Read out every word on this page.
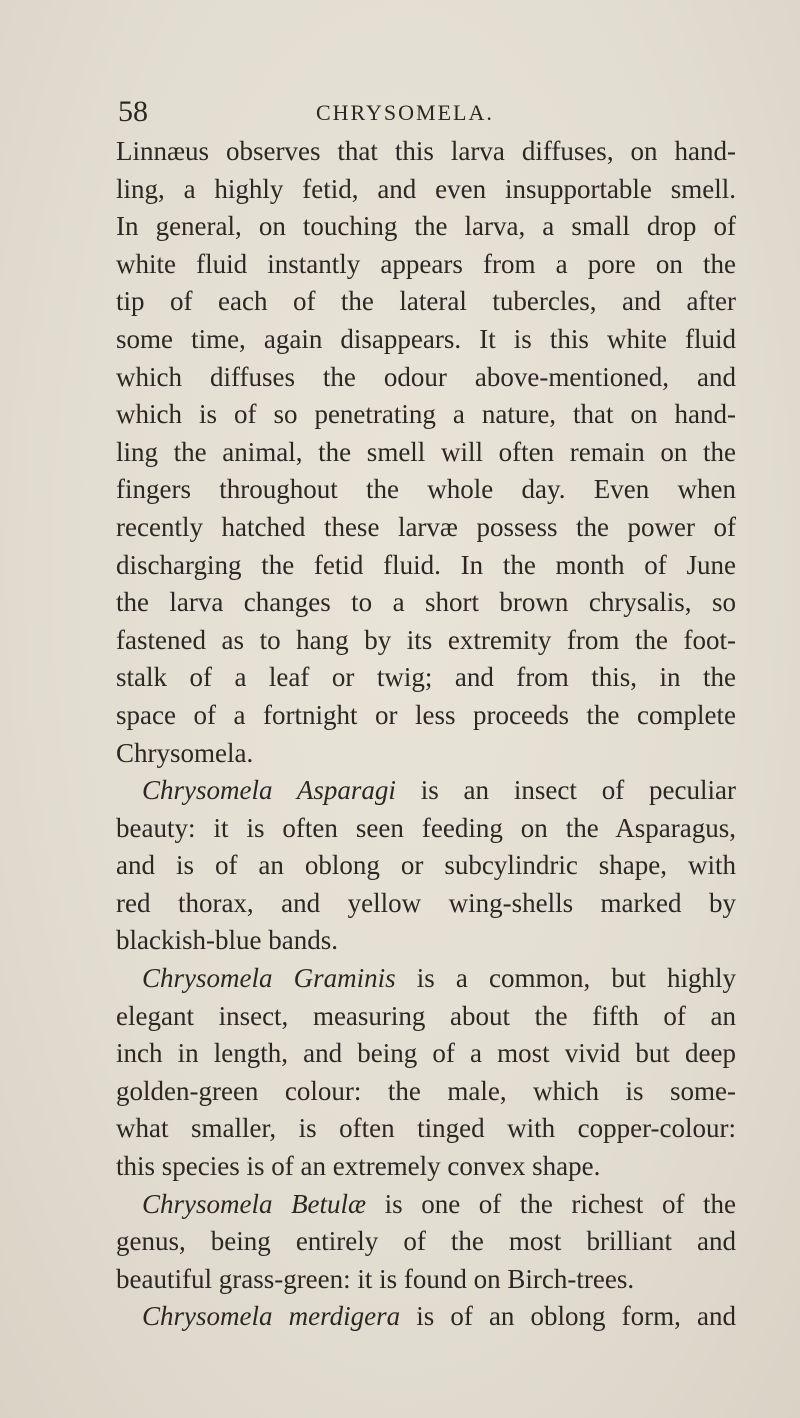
58	CHRYSOMELA.
Linnæus observes that this larva diffuses, on hand-
ling, a highly fetid, and even insupportable smell.
In general, on touching the larva, a small drop of
white fluid instantly appears from a pore on the
tip of each of the lateral tubercles, and after
some time, again disappears. It is this white fluid
which diffuses the odour above-mentioned, and
which is of so penetrating a nature, that on hand-
ling the animal, the smell will often remain on the
fingers throughout the whole day. Even when
recently hatched these larvæ possess the power of
discharging the fetid fluid. In the month of June
the larva changes to a short brown chrysalis, so
fastened as to hang by its extremity from the foot-
stalk of a leaf or twig; and from this, in the
space of a fortnight or less proceeds the complete
Chrysomela.
Chrysomela Asparagi is an insect of peculiar
beauty: it is often seen feeding on the Asparagus,
and is of an oblong or subcylindric shape, with
red thorax, and yellow wing-shells marked by
blackish-blue bands.
Chrysomela Graminis is a common, but highly
elegant insect, measuring about the fifth of an
inch in length, and being of a most vivid but deep
golden-green colour: the male, which is some-
what smaller, is often tinged with copper-colour:
this species is of an extremely convex shape.
Chrysomela Betulæ is one of the richest of the
genus, being entirely of the most brilliant and
beautiful grass-green: it is found on Birch-trees.
Chrysomela merdigera is of an oblong form, and
